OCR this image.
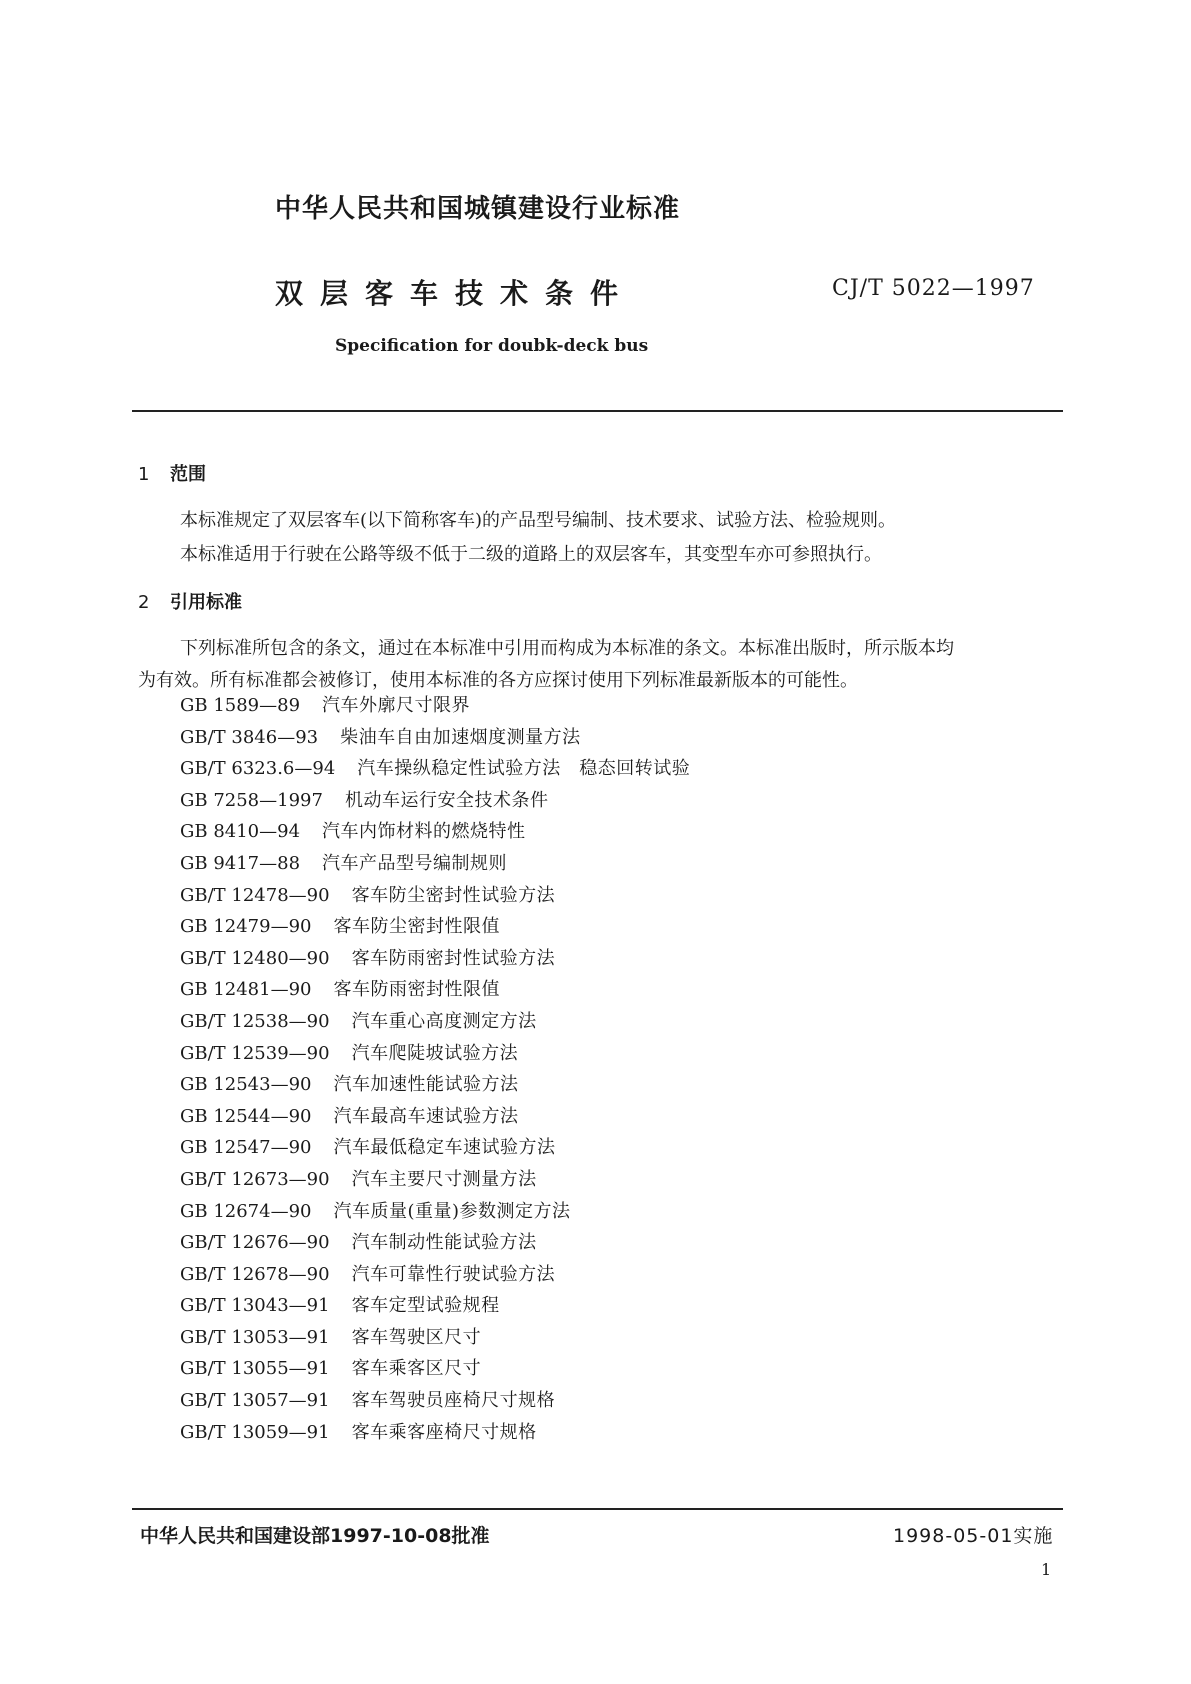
中华人民共和国城镇建设行业标准
双层客车技术条件	CJ/T 5022—1997
Specification for doubk-deck bus
1 范围
本标准规定了双层客车(以下简称客车)的产品型号编制、技术要求、试验方法、检验规则。
本标准适用于行驶在公路等级不低于二级的道路上的双层客车，其变型车亦可参照执行。
2 引用标准
下列标准所包含的条文，通过在本标准中引用而构成为本标准的条文。本标准出版时，所示版本均
为有效。所有标准都会被修订，使用本标准的各方应探讨使用下列标准最新版本的可能性。
GB 1589—89 汽车外廓尺寸限界
GB/T 3846—93 柴油车自由加速烟度测量方法
GB/T 6323.6—94 汽车操纵稳定性试验方法　稳态回转试验
GB 7258—1997 机动车运行安全技术条件
GB 8410—94 汽车内饰材料的燃烧特性
GB 9417—88 汽车产品型号编制规则
GB/T 12478—90 客车防尘密封性试验方法
GB 12479—90 客车防尘密封性限值
GB/T 12480—90 客车防雨密封性试验方法
GB 12481—90 客车防雨密封性限值
GB/T 12538—90 汽车重心高度测定方法
GB/T 12539—90 汽车爬陡坡试验方法
GB 12543—90 汽车加速性能试验方法
GB 12544—90 汽车最高车速试验方法
GB 12547—90 汽车最低稳定车速试验方法
GB/T 12673—90 汽车主要尺寸测量方法
GB 12674—90 汽车质量(重量)参数测定方法
GB/T 12676—90 汽车制动性能试验方法
GB/T 12678—90 汽车可靠性行驶试验方法
GB/T 13043—91 客车定型试验规程
GB/T 13053—91 客车驾驶区尺寸
GB/T 13055—91 客车乘客区尺寸
GB/T 13057—91 客车驾驶员座椅尺寸规格
GB/T 13059—91 客车乘客座椅尺寸规格
中华人民共和国建设部1997-10-08批准	1998-05-01实施
1
